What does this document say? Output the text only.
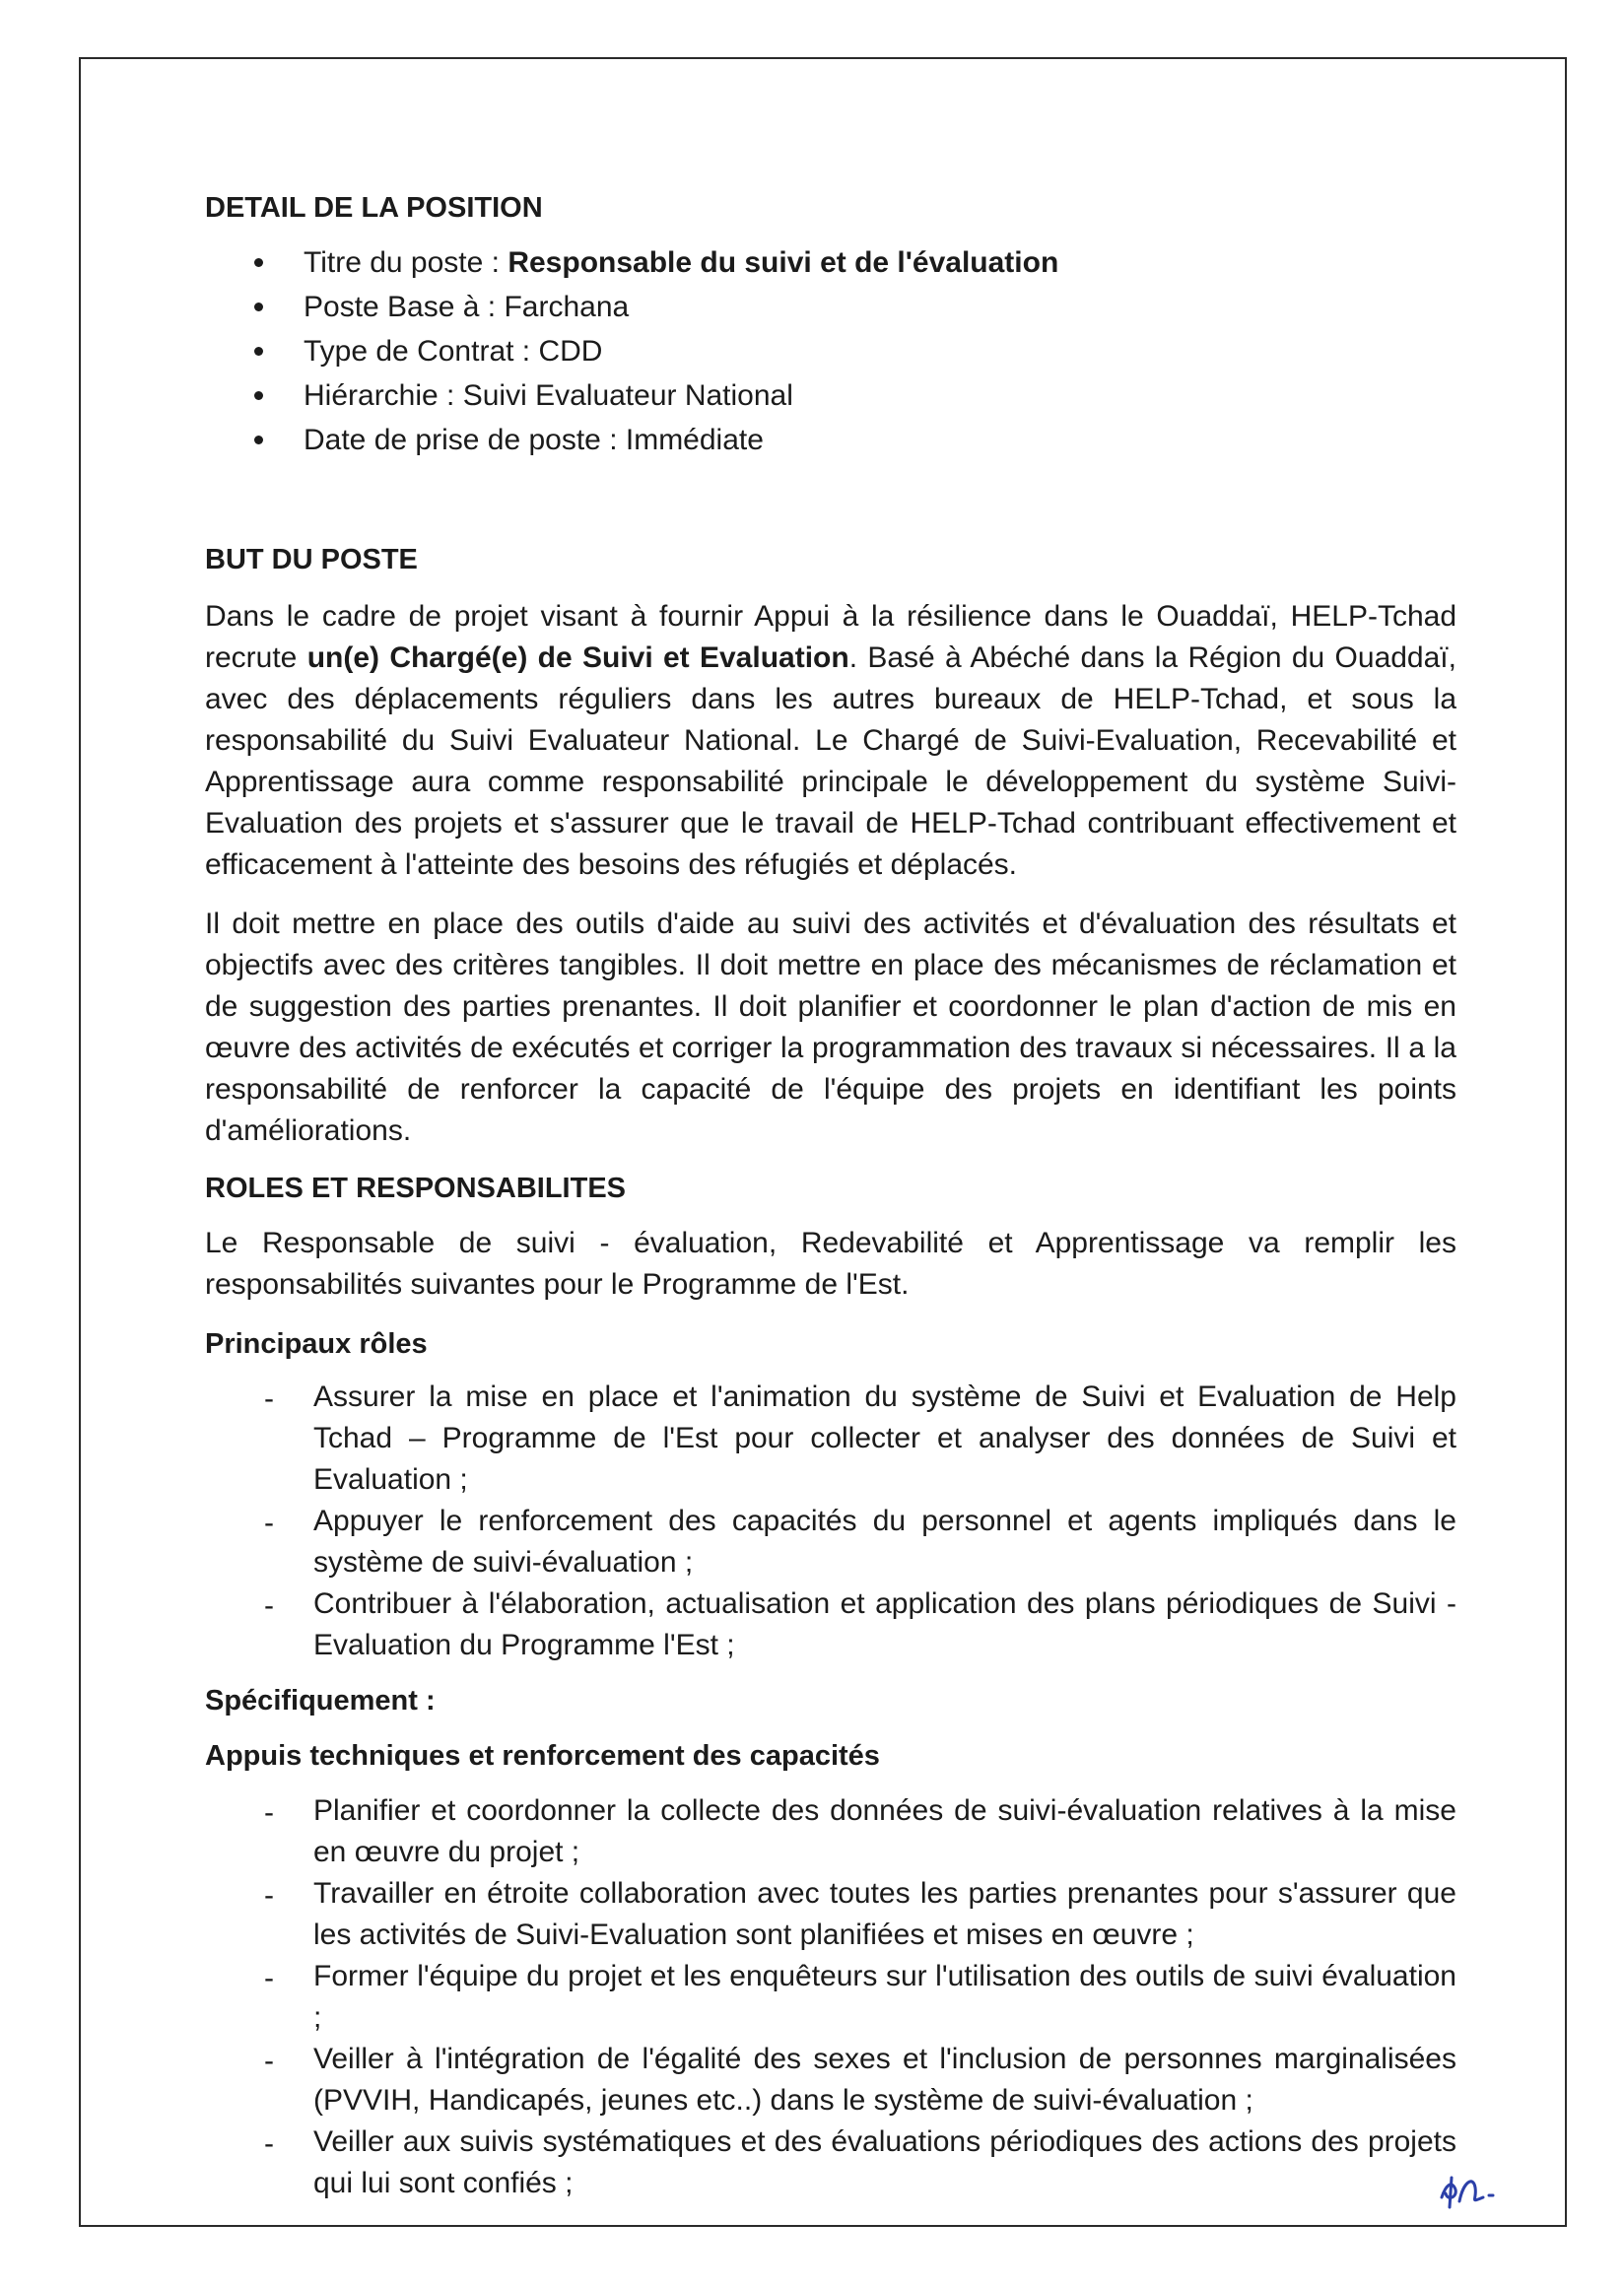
DETAIL DE LA POSITION

Titre du poste : Responsable du suivi et de l'évaluation
Poste Base à : Farchana
Type de Contrat : CDD
Hiérarchie : Suivi Evaluateur National
Date de prise de poste : Immédiate

BUT DU POSTE

Dans le cadre de projet visant à fournir Appui à la résilience dans le Ouaddaï, HELP-Tchad recrute un(e) Chargé(e) de Suivi et Evaluation. Basé à Abéché dans la Région du Ouaddaï, avec des déplacements réguliers dans les autres bureaux de HELP-Tchad, et sous la responsabilité du Suivi Evaluateur National. Le Chargé de Suivi-Evaluation, Recevabilité et Apprentissage aura comme responsabilité principale le développement du système Suivi-Evaluation des projets et s'assurer que le travail de HELP-Tchad contribuant effectivement et efficacement à l'atteinte des besoins des réfugiés et déplacés.

Il doit mettre en place des outils d'aide au suivi des activités et d'évaluation des résultats et objectifs avec des critères tangibles. Il doit mettre en place des mécanismes de réclamation et de suggestion des parties prenantes. Il doit planifier et coordonner le plan d'action de mis en œuvre des activités de exécutés et corriger la programmation des travaux si nécessaires. Il a la responsabilité de renforcer la capacité de l'équipe des projets en identifiant les points d'améliorations.

ROLES ET RESPONSABILITES

Le Responsable de suivi - évaluation, Redevabilité et Apprentissage va remplir les responsabilités suivantes pour le Programme de l'Est.

Principaux rôles

- Assurer la mise en place et l'animation du système de Suivi et Evaluation de Help Tchad – Programme de l'Est pour collecter et analyser des données de Suivi et Evaluation ;
- Appuyer le renforcement des capacités du personnel et agents impliqués dans le système de suivi-évaluation ;
- Contribuer à l'élaboration, actualisation et application des plans périodiques de Suivi - Evaluation du Programme l'Est ;

Spécifiquement :

Appuis techniques et renforcement des capacités

- Planifier et coordonner la collecte des données de suivi-évaluation relatives à la mise en œuvre du projet ;
- Travailler en étroite collaboration avec toutes les parties prenantes pour s'assurer que les activités de Suivi-Evaluation sont planifiées et mises en œuvre ;
- Former l'équipe du projet et les enquêteurs sur l'utilisation des outils de suivi évaluation ;
- Veiller à l'intégration de l'égalité des sexes et l'inclusion de personnes marginalisées (PVVIH, Handicapés, jeunes etc..) dans le système de suivi-évaluation ;
- Veiller aux suivis systématiques et des évaluations périodiques des actions des projets qui lui sont confiés ;
